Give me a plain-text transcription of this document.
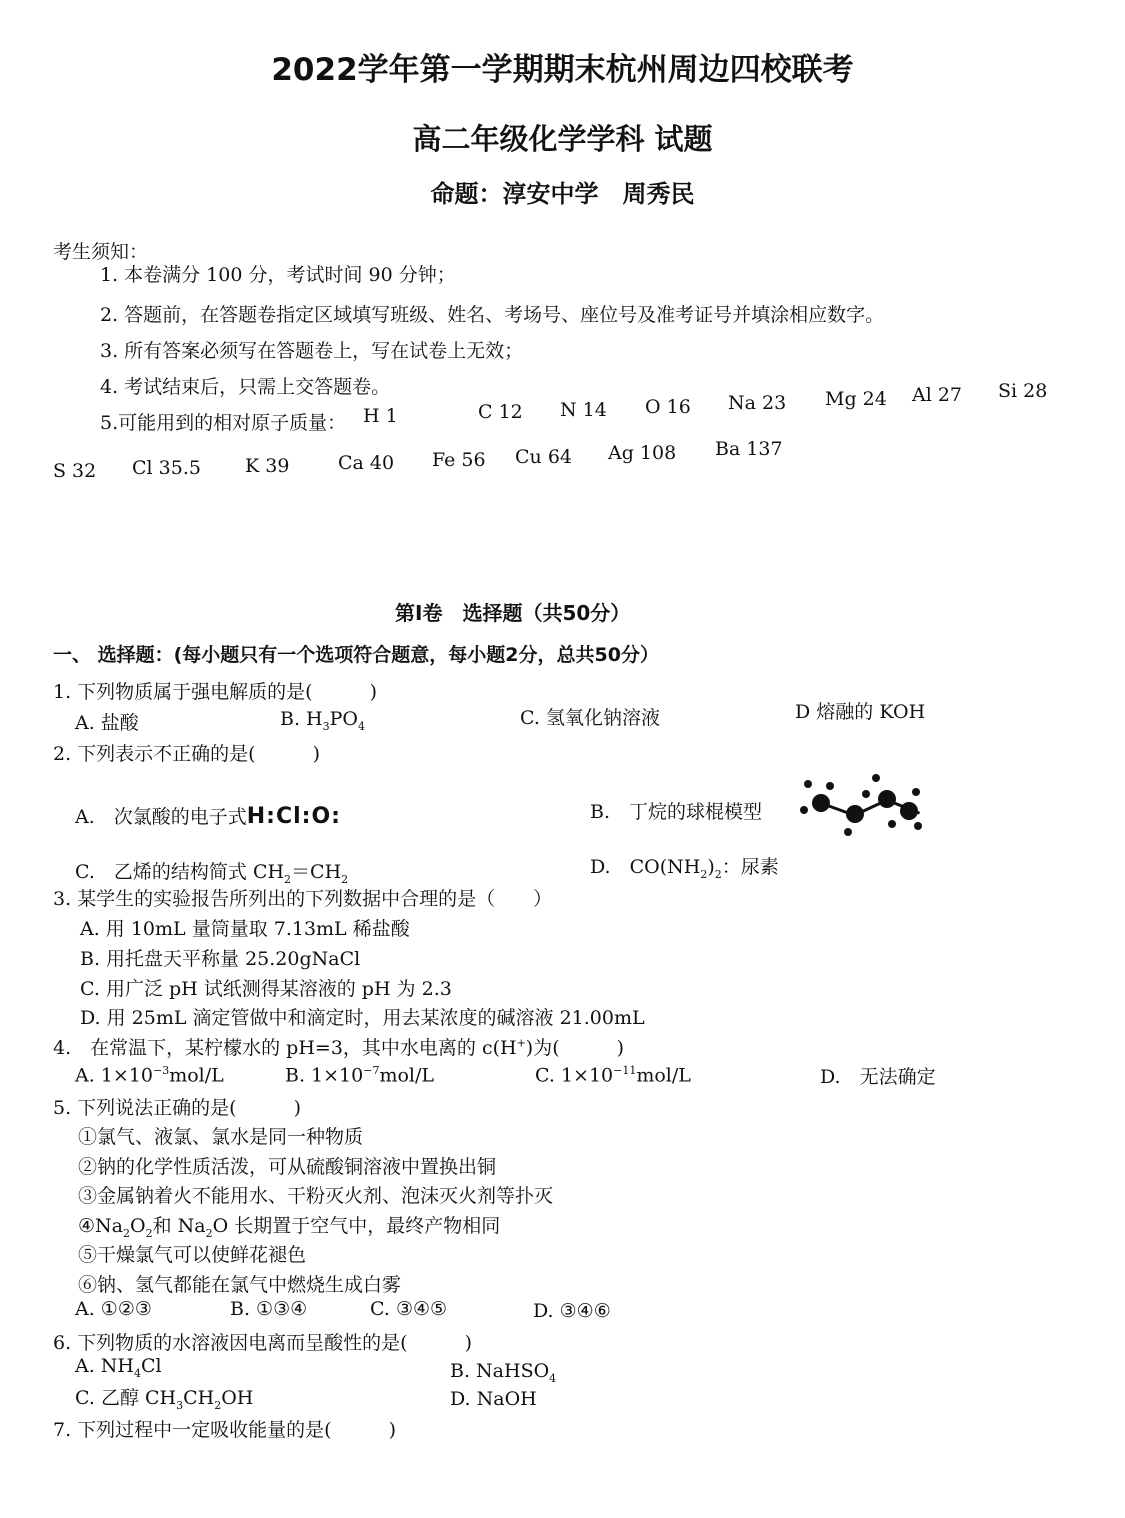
2022学年第一学期期末杭州周边四校联考
高二年级化学学科 试题
命题：淳安中学　周秀民
考生须知：
1. 本卷满分 100 分，考试时间 90 分钟；
2. 答题前，在答题卷指定区域填写班级、姓名、考场号、座位号及准考证号并填涂相应数字。
3. 所有答案必须写在答题卷上，写在试卷上无效；
4. 考试结束后，只需上交答题卷。
5.可能用到的相对原子质量： H 1	C 12 N 14 O 16 Na 23 Mg 24 Al 27 Si 28
S 32 Cl 35.5 K 39	Ca 40 Fe 56 Cu 64 Ag 108 Ba 137
第Ⅰ卷　选择题（共50分）
一、 选择题：(每小题只有一个选项符合题意，每小题2分，总共50分）
1. 下列物质属于强电解质的是(　　　)
A. 盐酸	B. $H_3PO_4$	C. 氢氧化钠溶液	D 熔融的 KOH
2. 下列表示不正确的是(　　　)
A.　次氯酸的电子式H:Cl:O:	B.　丁烷的球棍模型
C.　乙烯的结构简式 $CH_2=CH_2$
D.　$CO(NH_2)_2$：尿素
3. 某学生的实验报告所列出的下列数据中合理的是（　　）
A. 用 10mL 量筒量取 7.13mL 稀盐酸
B. 用托盘天平称量 25.20gNaCl
C. 用广泛 pH 试纸测得某溶液的 pH 为 2.3
D. 用 25mL 滴定管做中和滴定时，用去某浓度的碱溶液 21.00mL
4.　在常温下，某柠檬水的 pH=3，其中水电离的 c(H+)为(　　　)
A. $1\times 10^{-3}mol/L$	B. $1\times 10^{-7}mol/L$	C. $1\times 10^{-11}mol/L$	D.　无法确定
5. 下列说法正确的是(　　　)
①氯气、液氯、氯水是同一种物质
②钠的化学性质活泼，可从硫酸铜溶液中置换出铜
③金属钠着火不能用水、干粉灭火剂、泡沫灭火剂等扑灭
$④Na_2O_2$和 $Na_2O$ 长期置于空气中，最终产物相同
⑤干燥氯气可以使鲜花褪色
⑥钠、氢气都能在氯气中燃烧生成白雾
A. ①②③	B. ①③④	C. ③④⑤	D. ③④⑥
6. 下列物质的水溶液因电离而呈酸性的是(　　　)
A. $NH_4Cl$	B. NaHSO$_4$
C. 乙醇 $CH_3CH_2OH$	D. NaOH
7. 下列过程中一定吸收能量的是(　　　)
